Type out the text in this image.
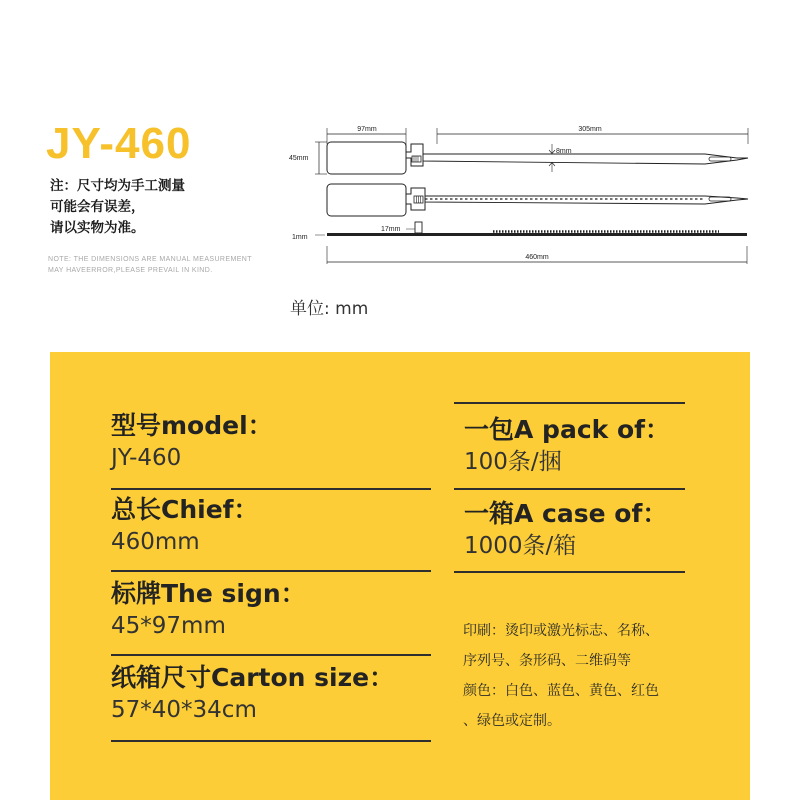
JY-460
注：尺寸均为手工测量
可能会有误差，
请以实物为准。
NOTE: THE DIMENSIONS ARE MANUAL MEASUREMENT
MAY HAVEERROR,PLEASE PREVAIL IN KIND.
97mm	305mm
45mm
8mm
1mm
17mm
460mm
单位: mm
型号model：
JY-460
总长Chief：
460mm
标牌The sign：
45*97mm
纸箱尺寸Carton size：
57*40*34cm
一包A pack of：
100条/捆
一箱A case of：
1000条/箱
印刷：烫印或激光标志、名称、
序列号、条形码、二维码等
颜色：白色、蓝色、黄色、红色
、绿色或定制。
